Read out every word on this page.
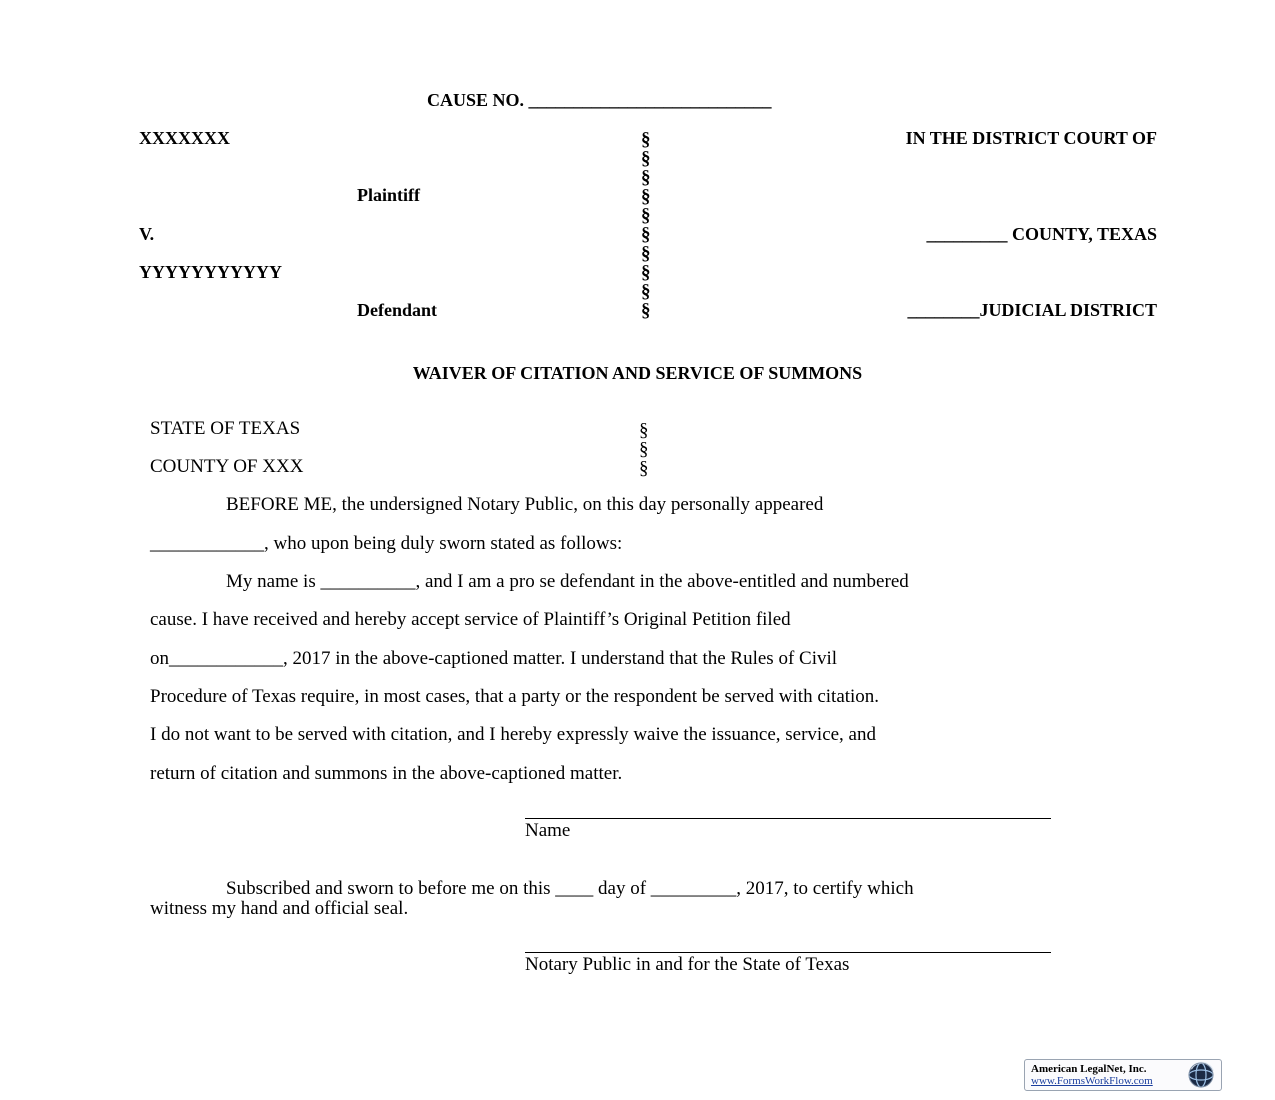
CAUSE NO. ___________________________
XXXXXXX
Plaintiff
V.
YYYYYYYYYYY
Defendant
IN THE DISTRICT COURT OF
_________ COUNTY, TEXAS
________JUDICIAL DISTRICT
§
§
§
§
§
§
§
§
§
§
WAIVER OF CITATION AND SERVICE OF SUMMONS
STATE OF TEXAS
COUNTY OF XXX
§
§
§
BEFORE ME, the undersigned Notary Public, on this day personally appeared
____________, who upon being duly sworn stated as follows:
My name is __________, and I am a pro se defendant in the above-entitled and numbered
cause. I have received and hereby accept service of Plaintiff’s Original Petition filed
on____________, 2017 in the above-captioned matter. I understand that the Rules of Civil
Procedure of Texas require, in most cases, that a party or the respondent be served with citation.
I do not want to be served with citation, and I hereby expressly waive the issuance, service, and
return of citation and summons in the above-captioned matter.
Name
Subscribed and sworn to before me on this ____ day of _________, 2017, to certify which
witness my hand and official seal.
Notary Public in and for the State of Texas
American LegalNet, Inc.
www.FormsWorkFlow.com
